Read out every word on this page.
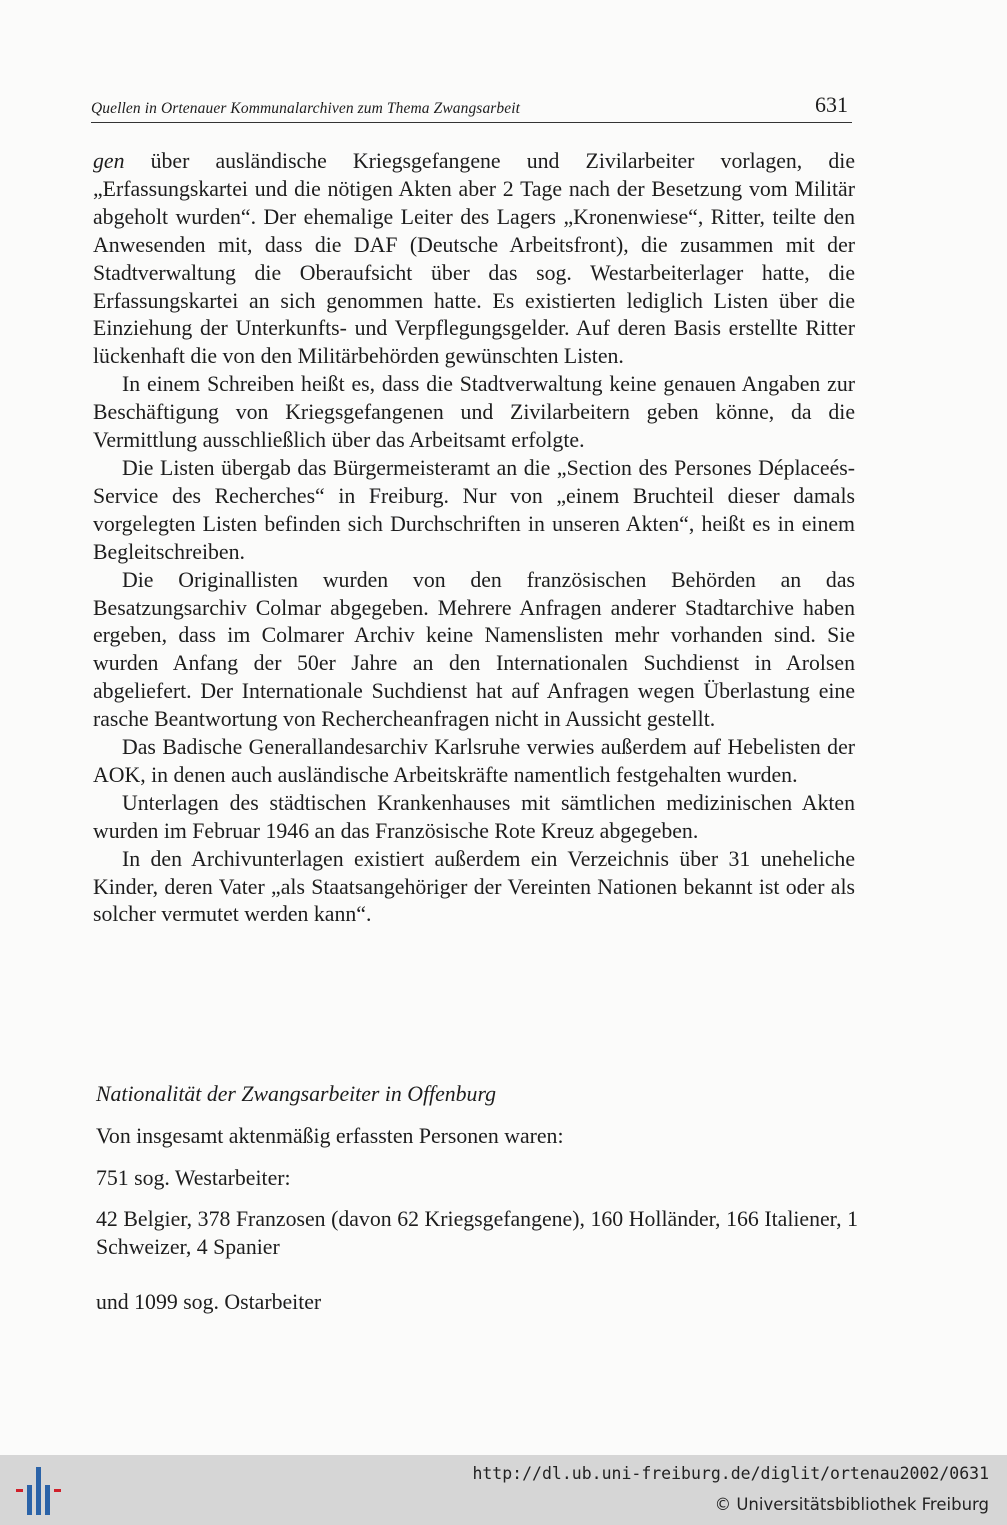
Quellen in Ortenauer Kommunalarchiven zum Thema Zwangsarbeit	631

gen über ausländische Kriegsgefangene und Zivilarbeiter vorlagen, die „Erfassungskartei und die nötigen Akten aber 2 Tage nach der Besetzung vom Militär abgeholt wurden“. Der ehemalige Leiter des Lagers „Kronenwiese“, Ritter, teilte den Anwesenden mit, dass die DAF (Deutsche Arbeitsfront), die zusammen mit der Stadtverwaltung die Oberaufsicht über das sog. Westarbeiterlager hatte, die Erfassungskartei an sich genommen hatte. Es existierten lediglich Listen über die Einziehung der Unterkunfts- und Verpflegungsgelder. Auf deren Basis erstellte Ritter lückenhaft die von den Militärbehörden gewünschten Listen.

In einem Schreiben heißt es, dass die Stadtverwaltung keine genauen Angaben zur Beschäftigung von Kriegsgefangenen und Zivilarbeitern geben könne, da die Vermittlung ausschließlich über das Arbeitsamt erfolgte.

Die Listen übergab das Bürgermeisteramt an die „Section des Persones Déplaceés-Service des Recherches“ in Freiburg. Nur von „einem Bruchteil dieser damals vorgelegten Listen befinden sich Durchschriften in unseren Akten“, heißt es in einem Begleitschreiben.

Die Originallisten wurden von den französischen Behörden an das Besatzungsarchiv Colmar abgegeben. Mehrere Anfragen anderer Stadtarchive haben ergeben, dass im Colmarer Archiv keine Namenslisten mehr vorhanden sind. Sie wurden Anfang der 50er Jahre an den Internationalen Suchdienst in Arolsen abgeliefert. Der Internationale Suchdienst hat auf Anfragen wegen Überlastung eine rasche Beantwortung von Rechercheanfragen nicht in Aussicht gestellt.

Das Badische Generallandesarchiv Karlsruhe verwies außerdem auf Hebelisten der AOK, in denen auch ausländische Arbeitskräfte namentlich festgehalten wurden.

Unterlagen des städtischen Krankenhauses mit sämtlichen medizinischen Akten wurden im Februar 1946 an das Französische Rote Kreuz abgegeben.

In den Archivunterlagen existiert außerdem ein Verzeichnis über 31 uneheliche Kinder, deren Vater „als Staatsangehöriger der Vereinten Nationen bekannt ist oder als solcher vermutet werden kann“.

Nationalität der Zwangsarbeiter in Offenburg
Von insgesamt aktenmäßig erfassten Personen waren:
751 sog. Westarbeiter:
42 Belgier, 378 Franzosen (davon 62 Kriegsgefangene), 160 Holländer, 166 Italiener, 1 Schweizer, 4 Spanier
und 1099 sog. Ostarbeiter
http://dl.ub.uni-freiburg.de/diglit/ortenau2002/0631
© Universitätsbibliothek Freiburg
